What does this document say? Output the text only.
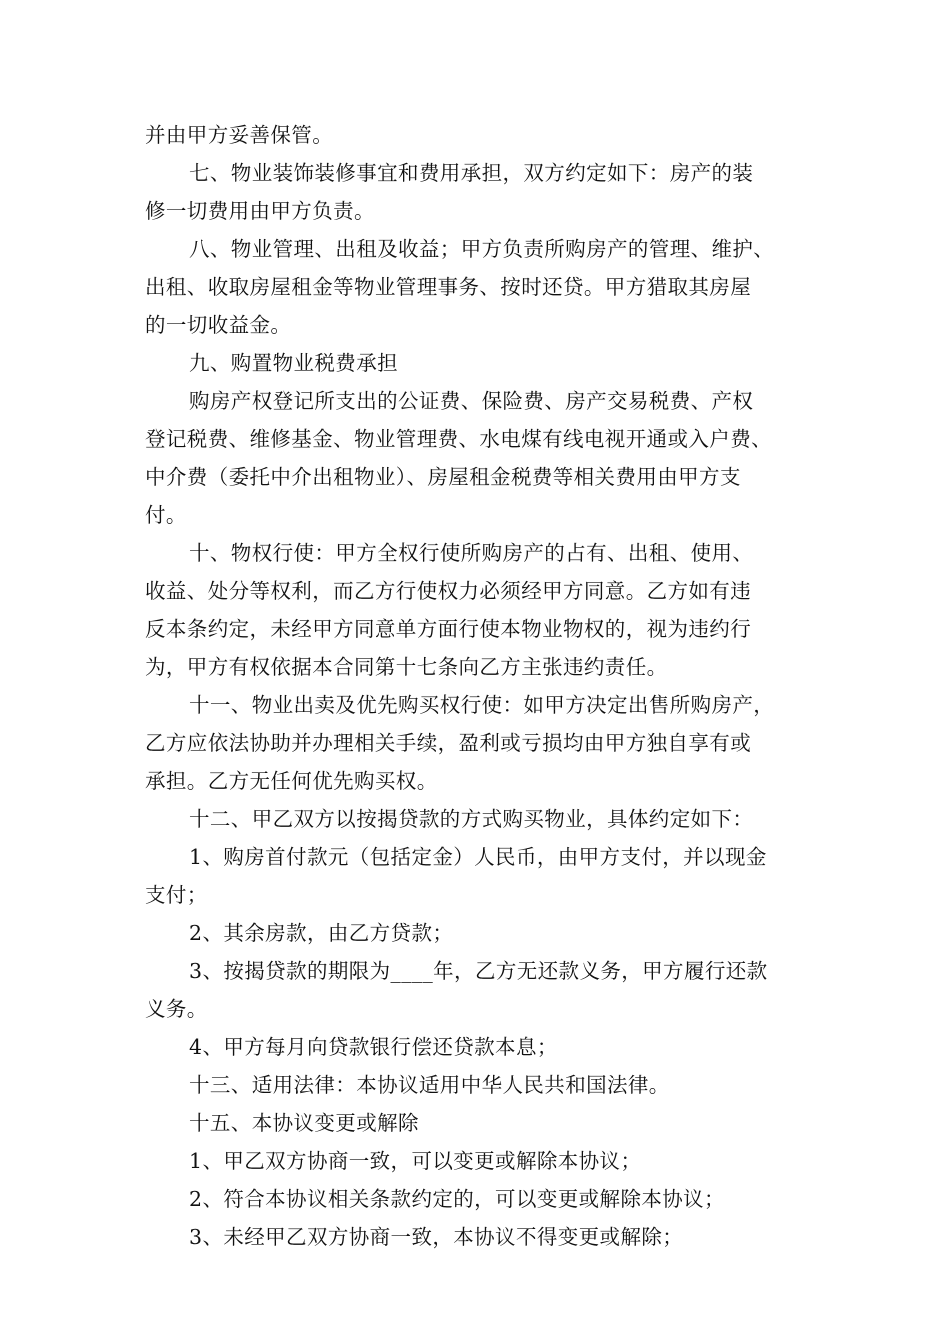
并由甲方妥善保管。
七、物业装饰装修事宜和费用承担，双方约定如下：房产的装
修一切费用由甲方负责。
八、物业管理、出租及收益；甲方负责所购房产的管理、维护、
出租、收取房屋租金等物业管理事务、按时还贷。甲方猎取其房屋
的一切收益金。
九、购置物业税费承担
购房产权登记所支出的公证费、保险费、房产交易税费、产权
登记税费、维修基金、物业管理费、水电煤有线电视开通或入户费、
中介费（委托中介出租物业）、房屋租金税费等相关费用由甲方支
付。
十、物权行使：甲方全权行使所购房产的占有、出租、使用、
收益、处分等权利，而乙方行使权力必须经甲方同意。乙方如有违
反本条约定，未经甲方同意单方面行使本物业物权的，视为违约行
为，甲方有权依据本合同第十七条向乙方主张违约责任。
十一、物业出卖及优先购买权行使：如甲方决定出售所购房产，
乙方应依法协助并办理相关手续，盈利或亏损均由甲方独自享有或
承担。乙方无任何优先购买权。
十二、甲乙双方以按揭贷款的方式购买物业，具体约定如下：
1、购房首付款元（包括定金）人民币，由甲方支付，并以现金
支付；
2、其余房款，由乙方贷款；
3、按揭贷款的期限为____年，乙方无还款义务，甲方履行还款
义务。
4、甲方每月向贷款银行偿还贷款本息；
十三、适用法律：本协议适用中华人民共和国法律。
十五、本协议变更或解除
1、甲乙双方协商一致，可以变更或解除本协议；
2、符合本协议相关条款约定的，可以变更或解除本协议；
3、未经甲乙双方协商一致，本协议不得变更或解除；
